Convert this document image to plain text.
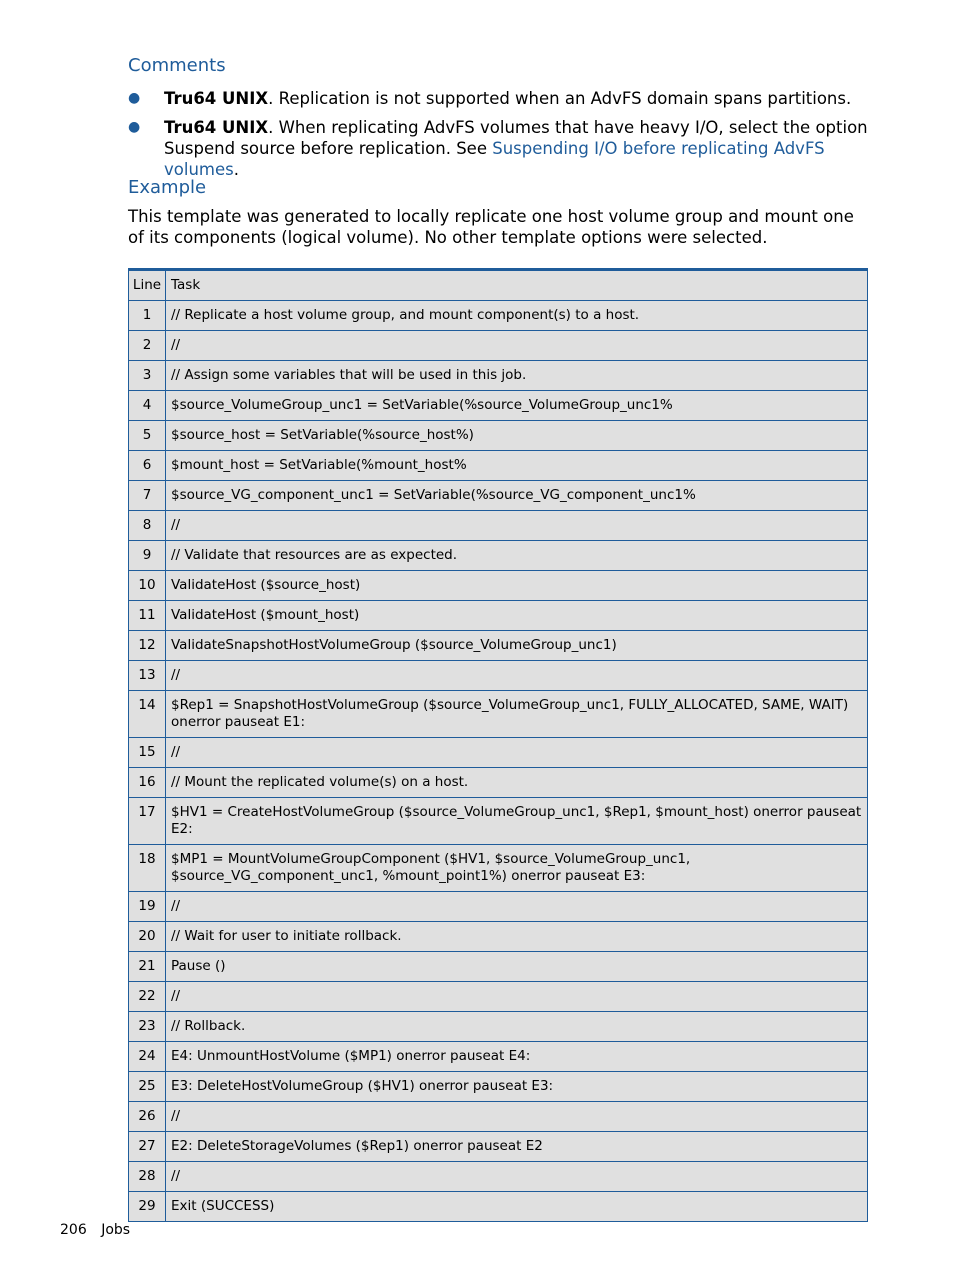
Comments
● Tru64 UNIX. Replication is not supported when an AdvFS domain spans partitions.
● Tru64 UNIX. When replicating AdvFS volumes that have heavy I/O, select the option Suspend source before replication. See Suspending I/O before replicating AdvFS volumes.
Example

This template was generated to locally replicate one host volume group and mount one of its components (logical volume). No other template options were selected.

Line	Task
1	// Replicate a host volume group, and mount component(s) to a host.
2	//
3	// Assign some variables that will be used in this job.
4	$source_VolumeGroup_unc1 = SetVariable(%source_VolumeGroup_unc1%
5	$source_host = SetVariable(%source_host%)
6	$mount_host = SetVariable(%mount_host%
7	$source_VG_component_unc1 = SetVariable(%source_VG_component_unc1%
8	//
9	// Validate that resources are as expected.
10	ValidateHost ($source_host)
11	ValidateHost ($mount_host)
12	ValidateSnapshotHostVolumeGroup ($source_VolumeGroup_unc1)
13	//
14	$Rep1 = SnapshotHostVolumeGroup ($source_VolumeGroup_unc1, FULLY_ALLOCATED, SAME, WAIT) onerror pauseat E1:
15	//
16	// Mount the replicated volume(s) on a host.
17	$HV1 = CreateHostVolumeGroup ($source_VolumeGroup_unc1, $Rep1, $mount_host) onerror pauseat E2:
18	$MP1 = MountVolumeGroupComponent ($HV1, $source_VolumeGroup_unc1, $source_VG_component_unc1, %mount_point1%) onerror pauseat E3:
19	//
20	// Wait for user to initiate rollback.
21	Pause ()
22	//
23	// Rollback.
24	E4: UnmountHostVolume ($MP1) onerror pauseat E4:
25	E3: DeleteHostVolumeGroup ($HV1) onerror pauseat E3:
26	//
27	E2: DeleteStorageVolumes ($Rep1) onerror pauseat E2
28	//
29	Exit (SUCCESS)
206 Jobs
